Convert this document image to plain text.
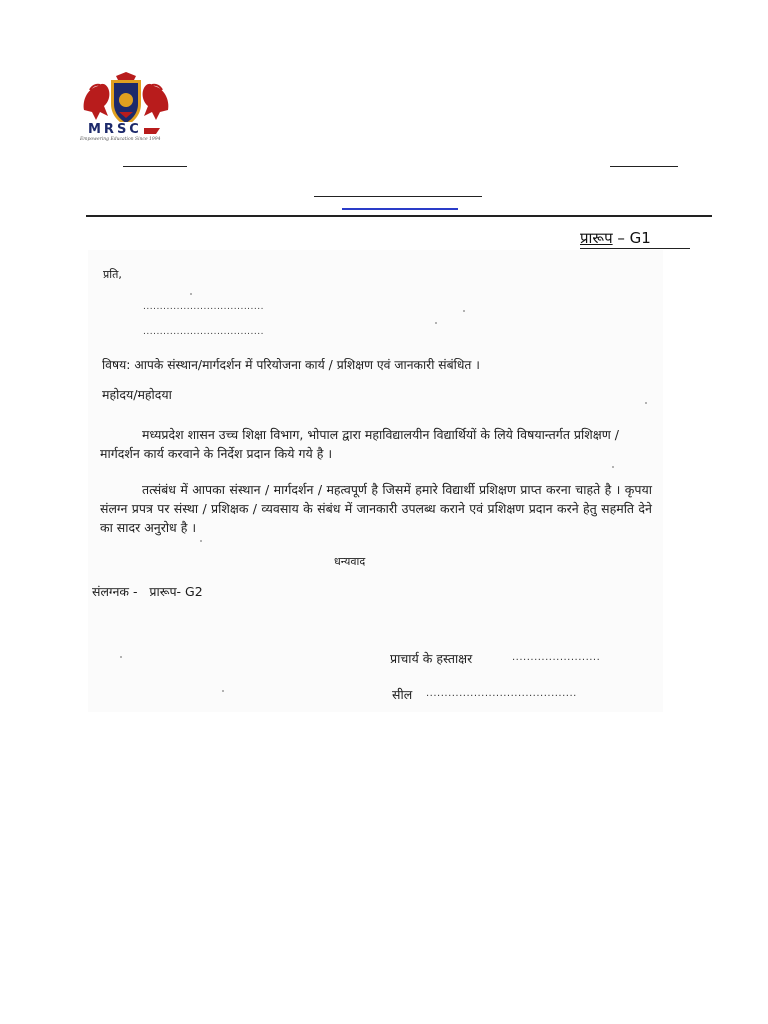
MRSC
Empowering Education Since 1994
प्रारूप – G1
प्रति,
....................................
....................................
विषय: आपके संस्थान/मार्गदर्शन में परियोजना कार्य / प्रशिक्षण एवं जानकारी संबंधित ।
महोदय/महोदया
मध्यप्रदेश शासन उच्च शिक्षा विभाग, भोपाल द्वारा महाविद्यालयीन विद्यार्थियों के लिये विषयान्तर्गत प्रशिक्षण / मार्गदर्शन कार्य करवाने के निर्देश प्रदान किये गये है ।
तत्संबंध में आपका संस्थान / मार्गदर्शन / महत्वपूर्ण है जिसमें हमारे विद्यार्थी प्रशिक्षण प्राप्त करना चाहते है । कृपया संलग्न प्रपत्र पर संस्था / प्रशिक्षक / व्यवसाय के संबंध में जानकारी उपलब्ध कराने एवं प्रशिक्षण प्रदान करने हेतु सहमति देने का सादर अनुरोध है ।
धन्यवाद
संलग्नक -   प्रारूप- G2
प्राचार्य के हस्ताक्षर	........................
सील .........................................
